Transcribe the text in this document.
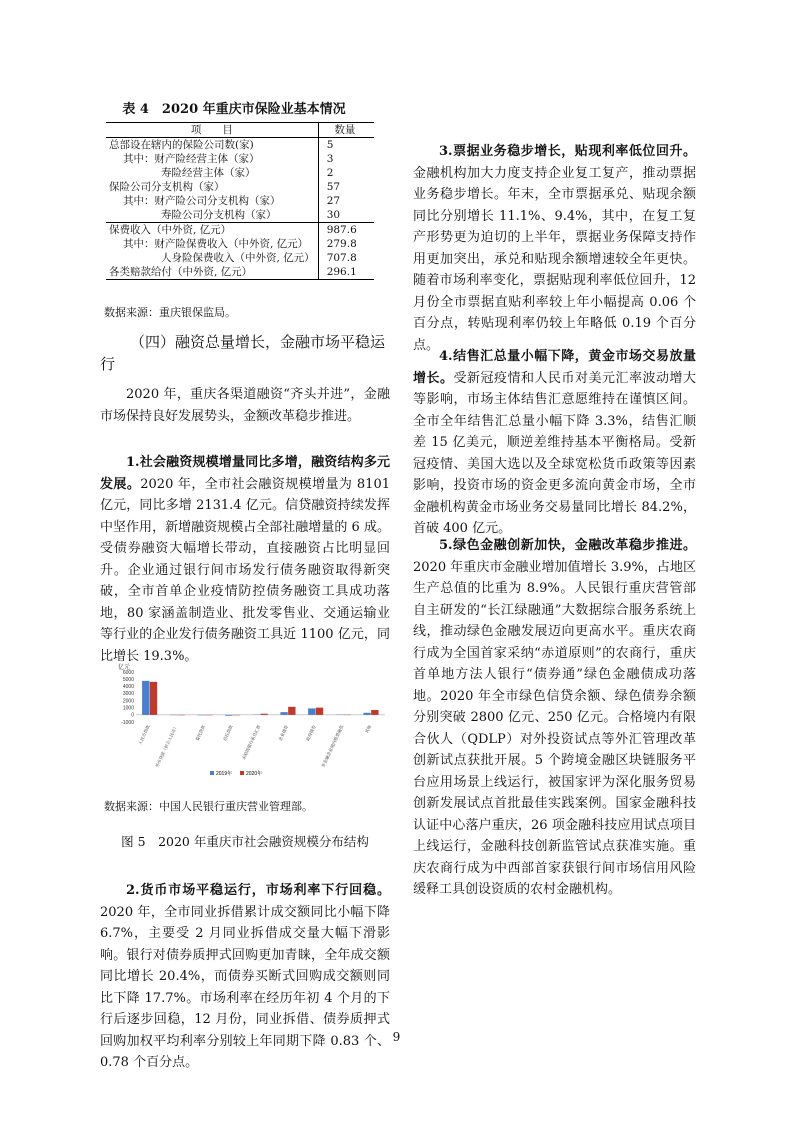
表 4　2020 年重庆市保险业基本情况
项　　目	数量
总部设在辖内的保险公司数(家)	5
其中：财产险经营主体（家）	3
寿险经营主体（家）	2
保险公司分支机构（家）	57
其中：财产险公司分支机构（家）	27
寿险公司分支机构（家）	30
保费收入（中外资, 亿元）	987.6
其中：财产险保费收入（中外资, 亿元）	279.8
人身险保费收入（中外资, 亿元）	707.8
各类赔款给付（中外资, 亿元）	296.1
数据来源：重庆银保监局。
（四）融资总量增长，金融市场平稳运行

2020 年，重庆各渠道融资“齐头并进”，金融市场保持良好发展势头，金额改革稳步推进。

1.社会融资规模增量同比多增，融资结构多元发展。2020 年，全市社会融资规模增量为 8101 亿元，同比多增 2131.4 亿元。信贷融资持续发挥中坚作用，新增融资规模占全部社融增量的 6 成。受债券融资大幅增长带动，直接融资占比明显回升。企业通过银行间市场发行债务融资取得新突破，全市首单企业疫情防控债务融资工具成功落地，80 家涵盖制造业、批发零售业、交通运输业等行业的企业发行债务融资工具近 1100 亿元，同比增长 19.3%。

亿元
6000
5000
4000
3000
2000
1000
0
-1000
人民币贷款 外币贷款（折合人民币）	委托贷款	信托贷款 未贴现银行承兑汇票	企业债券	政府债券 非金融企业境内股票融资	其他
2019年	2020年
数据来源：中国人民银行重庆营业管理部。
图 5　2020 年重庆市社会融资规模分布结构

2.货币市场平稳运行，市场利率下行回稳。2020 年，全市同业拆借累计成交额同比小幅下降 6.7%，主要受 2 月同业拆借成交量大幅下滑影响。银行对债券质押式回购更加青睐，全年成交额同比增长 20.4%，而债券买断式回购成交额则同比下降 17.7%。市场利率在经历年初 4 个月的下行后逐步回稳，12 月份，同业拆借、债券质押式回购加权平均利率分别较上年同期下降 0.83 个、0.78 个百分点。

3.票据业务稳步增长，贴现利率低位回升。金融机构加大力度支持企业复工复产，推动票据业务稳步增长。年末，全市票据承兑、贴现余额同比分别增长 11.1%、9.4%，其中，在复工复产形势更为迫切的上半年，票据业务保障支持作用更加突出，承兑和贴现余额增速较全年更快。随着市场利率变化，票据贴现利率低位回升，12 月份全市票据直贴利率较上年小幅提高 0.06 个百分点，转贴现利率仍较上年略低 0.19 个百分点。

4.结售汇总量小幅下降，黄金市场交易放量增长。受新冠疫情和人民币对美元汇率波动增大等影响，市场主体结售汇意愿维持在谨慎区间。全市全年结售汇总量小幅下降 3.3%，结售汇顺差 15 亿美元，顺逆差维持基本平衡格局。受新冠疫情、美国大选以及全球宽松货币政策等因素影响，投资市场的资金更多流向黄金市场，全市金融机构黄金市场业务交易量同比增长 84.2%，首破 400 亿元。

5.绿色金融创新加快，金融改革稳步推进。2020 年重庆市金融业增加值增长 3.9%，占地区生产总值的比重为 8.9%。人民银行重庆营管部自主研发的“长江绿融通”大数据综合服务系统上线，推动绿色金融发展迈向更高水平。重庆农商行成为全国首家采纳“赤道原则”的农商行，重庆首单地方法人银行“债券通”绿色金融债成功落地。2020 年全市绿色信贷余额、绿色债券余额分别突破 2800 亿元、250 亿元。合格境内有限合伙人（QDLP）对外投资试点等外汇管理改革创新试点获批开展。5 个跨境金融区块链服务平台应用场景上线运行，被国家评为深化服务贸易创新发展试点首批最佳实践案例。国家金融科技认证中心落户重庆，26 项金融科技应用试点项目上线运行，金融科技创新监管试点获准实施。重庆农商行成为中西部首家获银行间市场信用风险缓释工具创设资质的农村金融机构。

9
